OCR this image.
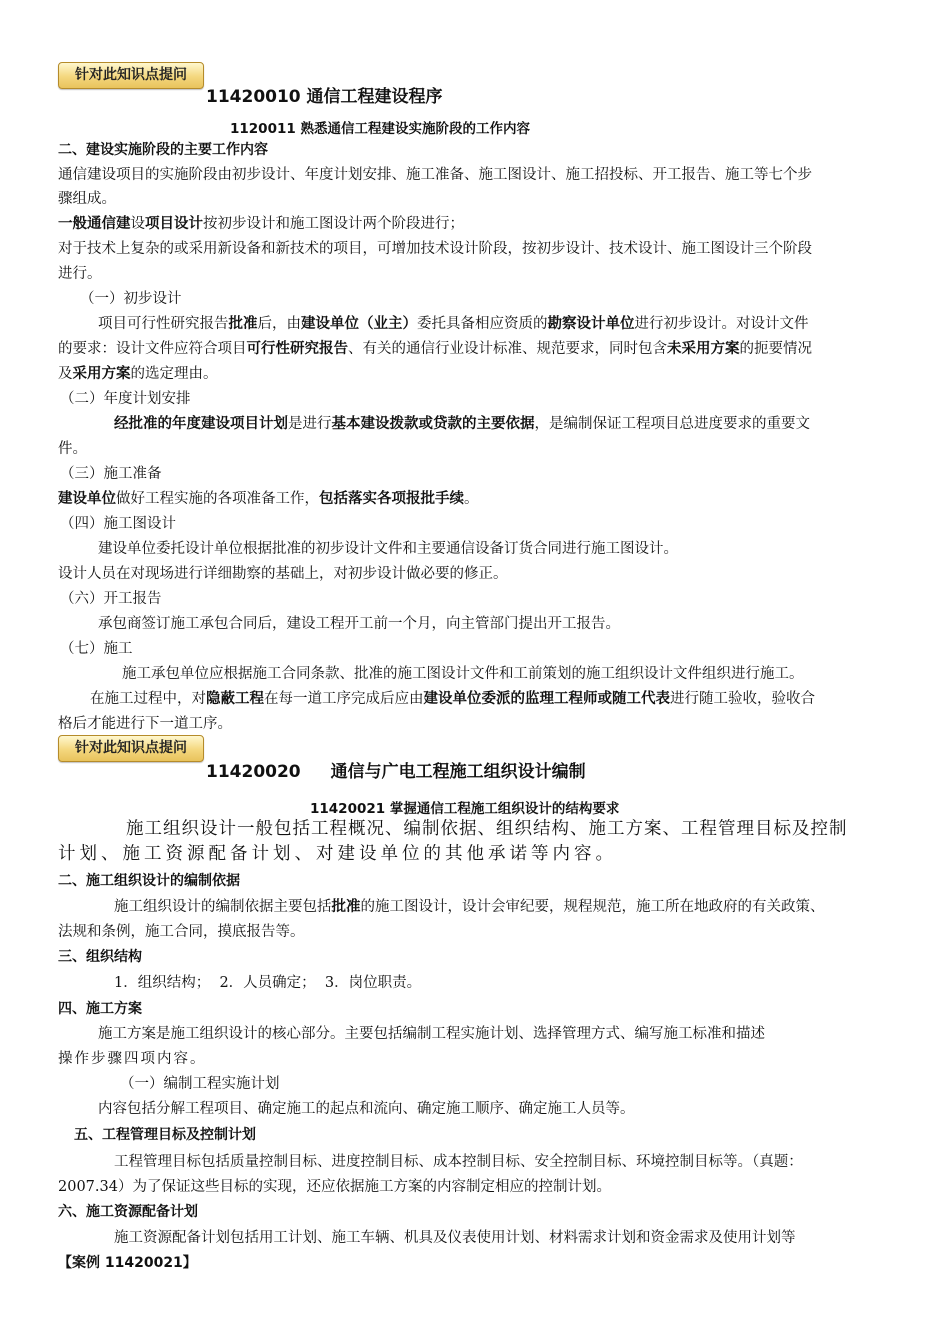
针对此知识点提问
11420010 通信工程建设程序
1120011 熟悉通信工程建设实施阶段的工作内容
二、建设实施阶段的主要工作内容
通信建设项目的实施阶段由初步设计、年度计划安排、施工准备、施工图设计、施工招投标、开工报告、施工等七个步
骤组成。
一般通信建设项目设计按初步设计和施工图设计两个阶段进行；
对于技术上复杂的或采用新设备和新技术的项目，可增加技术设计阶段，按初步设计、技术设计、施工图设计三个阶段
进行。
（一）初步设计
项目可行性研究报告批准后，由建设单位（业主）委托具备相应资质的勘察设计单位进行初步设计。对设计文件
的要求：设计文件应符合项目可行性研究报告、有关的通信行业设计标准、规范要求，同时包含未采用方案的扼要情况
及采用方案的选定理由。
（二）年度计划安排
经批准的年度建设项目计划是进行基本建设拨款或贷款的主要依据，是编制保证工程项目总进度要求的重要文
件。
（三）施工准备
建设单位做好工程实施的各项准备工作，包括落实各项报批手续。
（四）施工图设计
建设单位委托设计单位根据批准的初步设计文件和主要通信设备订货合同进行施工图设计。
设计人员在对现场进行详细勘察的基础上，对初步设计做必要的修正。
（六）开工报告
承包商签订施工承包合同后，建设工程开工前一个月，向主管部门提出开工报告。
（七）施工
施工承包单位应根据施工合同条款、批准的施工图设计文件和工前策划的施工组织设计文件组织进行施工。
在施工过程中，对隐蔽工程在每一道工序完成后应由建设单位委派的监理工程师或随工代表进行随工验收，验收合
格后才能进行下一道工序。
针对此知识点提问
11420020 通信与广电工程施工组织设计编制
11420021 掌握通信工程施工组织设计的结构要求
施工组织设计一般包括工程概况、编制依据、组织结构、施工方案、工程管理目标及控制
计划、施工资源配备计划、对建设单位的其他承诺等内容。
二、施工组织设计的编制依据
施工组织设计的编制依据主要包括批准的施工图设计，设计会审纪要，规程规范，施工所在地政府的有关政策、
法规和条例，施工合同，摸底报告等。
三、组织结构
1．组织结构；  2．人员确定；  3．岗位职责。
四、施工方案
施工方案是施工组织设计的核心部分。主要包括编制工程实施计划、选择管理方式、编写施工标准和描述
操作步骤四项内容。
（一）编制工程实施计划
内容包括分解工程项目、确定施工的起点和流向、确定施工顺序、确定施工人员等。
五、工程管理目标及控制计划
工程管理目标包括质量控制目标、进度控制目标、成本控制目标、安全控制目标、环境控制目标等。（真题：
2007.34）为了保证这些目标的实现，还应依据施工方案的内容制定相应的控制计划。
六、施工资源配备计划
施工资源配备计划包括用工计划、施工车辆、机具及仪表使用计划、材料需求计划和资金需求及使用计划等
【案例 11420021】
